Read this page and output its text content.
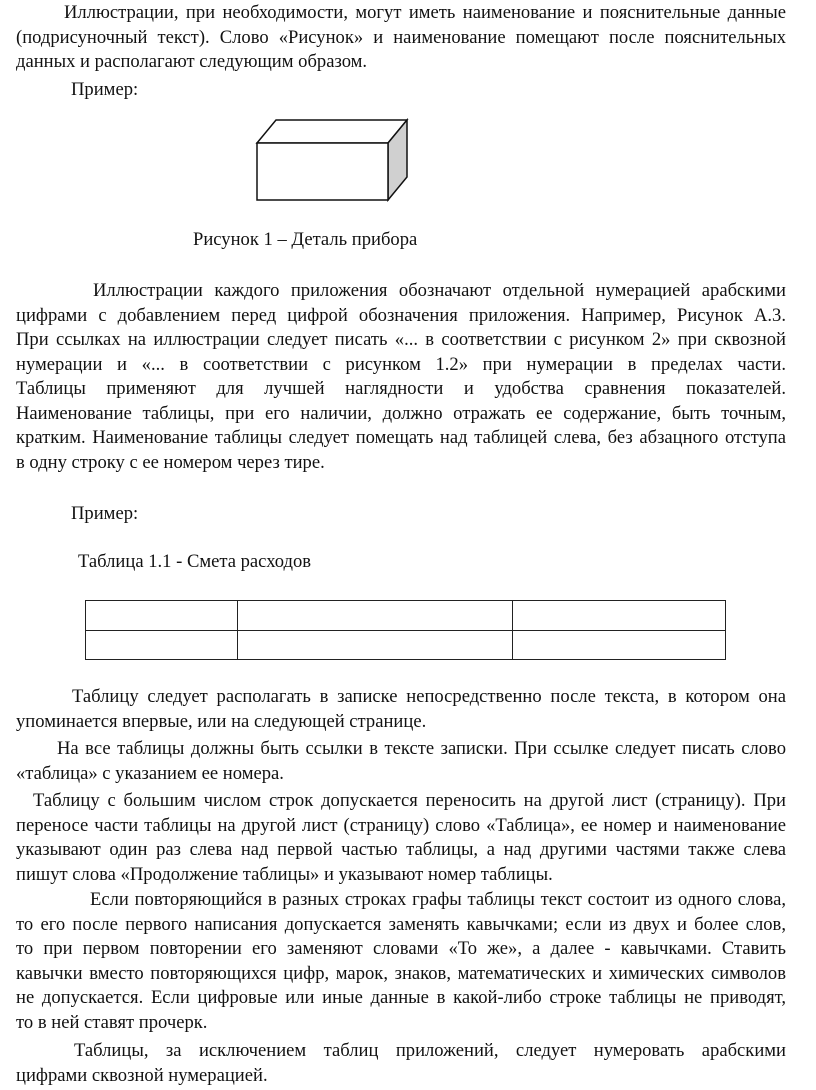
Рисунок 1 – Деталь прибора
Таблица 1.1 - Смета расходов

Иллюстрации, при необходимости, могут иметь наименование и пояснительные данные
(подрисуночный текст). Слово «Рисунок» и наименование помещают после пояснительных
данных и располагают следующим образом.
Пример:
Иллюстрации каждого приложения обозначают отдельной нумерацией арабскими
цифрами с добавлением перед цифрой обозначения приложения. Например, Рисунок А.3.
При ссылках на иллюстрации следует писать «... в соответствии с рисунком 2» при сквозной
нумерации и «... в соответствии с рисунком 1.2» при нумерации в пределах части.
Таблицы применяют для лучшей наглядности и удобства сравнения показателей.
Наименование таблицы, при его наличии, должно отражать ее содержание, быть точным,
кратким. Наименование таблицы следует помещать над таблицей слева, без абзацного отступа
в одну строку с ее номером через тире.
Пример:
Таблицу следует располагать в записке непосредственно после текста, в котором она
упоминается впервые, или на следующей странице.
На все таблицы должны быть ссылки в тексте записки. При ссылке следует писать слово
«таблица» с указанием ее номера.
Таблицу с большим числом строк допускается переносить на другой лист (страницу). При
переносе части таблицы на другой лист (страницу) слово «Таблица», ее номер и наименование
указывают один раз слева над первой частью таблицы, а над другими частями также слева
пишут слова «Продолжение таблицы» и указывают номер таблицы.
Если повторяющийся в разных строках графы таблицы текст состоит из одного слова,
то его после первого написания допускается заменять кавычками; если из двух и более слов,
то при первом повторении его заменяют словами «То же», а далее - кавычками. Ставить
кавычки вместо повторяющихся цифр, марок, знаков, математических и химических символов
не допускается. Если цифровые или иные данные в какой-либо строке таблицы не приводят,
то в ней ставят прочерк.
Таблицы, за исключением таблиц приложений, следует нумеровать арабскими
цифрами сквозной нумерацией.
